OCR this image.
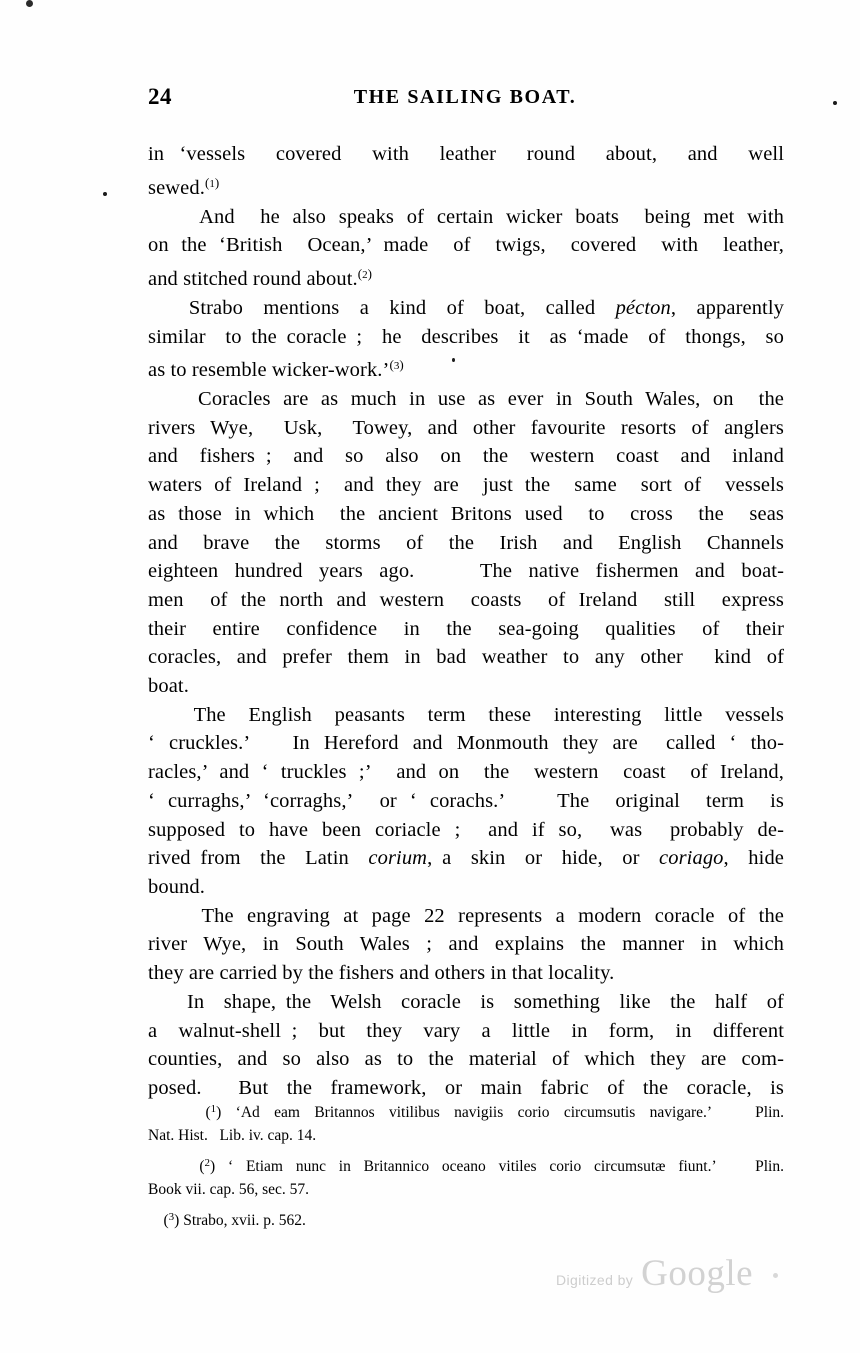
24	THE SAILING BOAT.

in ‘vessels  covered  with  leather  round  about,  and  well
sewed.$^{(1)}$

And  he also speaks of certain wicker boats  being met with
on the ‘British  Ocean,’ made  of  twigs,  covered  with  leather,
and stitched round about.$^{(2)}$

Strabo  mentions  a  kind  of  boat,  called  pécton,  apparently
similar  to the coracle ;  he  describes  it  as ‘made  of  thongs,  so
as to resemble wicker-work.’$^{(3)}$

Coracles are as much in use as ever in South Wales, on  the
rivers Wye,  Usk,  Towey, and other favourite resorts of anglers
and  fishers ;  and  so  also  on  the  western  coast  and  inland
waters of Ireland ;  and they are  just the  same  sort of  vessels
as those in which  the ancient Britons used  to  cross  the  seas
and  brave  the  storms  of  the  Irish  and  English  Channels
eighteen hundred years ago.    The native fishermen and boat-
men  of the north and western  coasts  of Ireland  still  express
their  entire  confidence  in  the  sea-going  qualities  of  their
coracles, and prefer them in bad weather to any other  kind of
boat.

The  English  peasants  term  these  interesting  little  vessels
‘ cruckles.’   In Hereford and Monmouth they are  called ‘ tho-
racles,’ and ‘ truckles ;’  and on  the  western  coast  of Ireland,
‘ curraghs,’ ‘corraghs,’  or ‘ corachs.’    The  original  term  is
supposed to have been coriacle ;  and if so,  was  probably de-
rived from  the  Latin  corium, a  skin  or  hide,  or  coriago,  hide
bound.

The engraving at page 22 represents a modern coracle of the
river Wye, in South Wales ; and explains the manner in which
they are carried by the fishers and others in that locality.

In  shape, the  Welsh  coracle  is  something  like  the  half  of
a  walnut-shell ;  but  they  vary  a  little  in  form,  in  different
counties, and so also as to the material of which they are com-
posed.    But  the  framework,  or  main  fabric  of  the  coracle,  is

($^1$) ‘Ad eam Britannos vitilibus navigiis corio circumsutis navigare.’   Plin.
Nat. Hist.   Lib. iv. cap. 14.

($^2$) ‘ Etiam nunc in Britannico oceano vitiles corio circumsutæ fiunt.’   Plin.
Book vii. cap. 56, sec. 57.

($^3$) Strabo, xvii. p. 562.

Digitized by Google
